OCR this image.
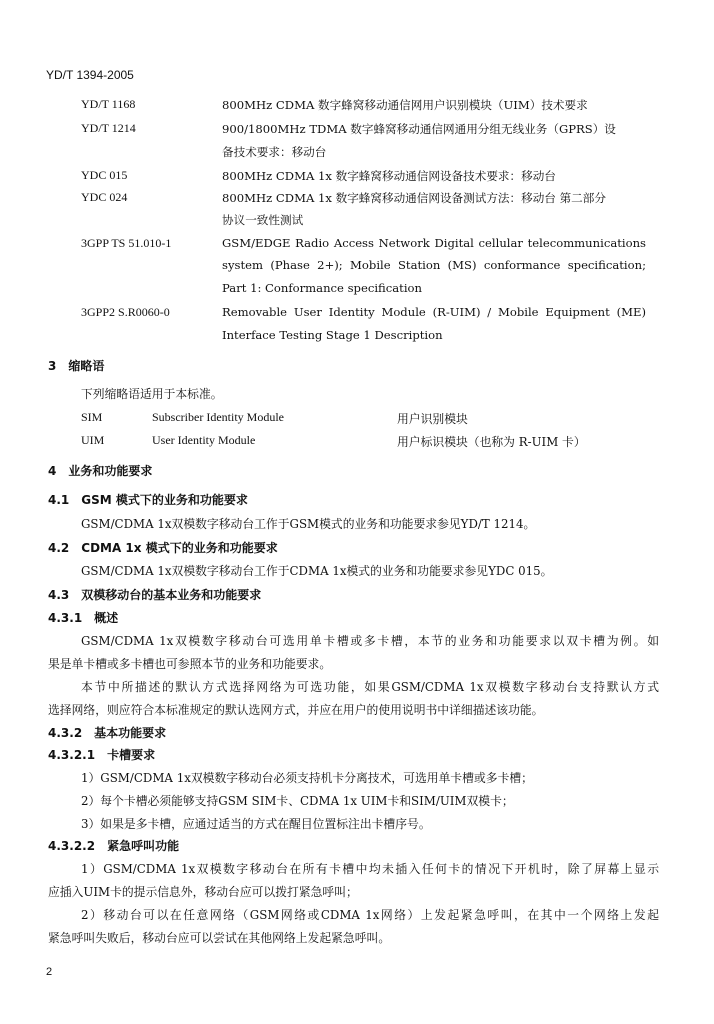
YD/T 1394-2005
YD/T 1168	800MHz CDMA 数字蜂窝移动通信网用户识别模块（UIM）技术要求
YD/T 1214	900/1800MHz TDMA 数字蜂窝移动通信网通用分组无线业务（GPRS）设
备技术要求：移动台
YDC 015	800MHz CDMA 1x 数字蜂窝移动通信网设备技术要求：移动台
YDC 024	800MHz CDMA 1x 数字蜂窝移动通信网设备测试方法：移动台 第二部分
协议一致性测试
3GPP TS 51.010-1	GSM/EDGE Radio Access Network Digital cellular telecommunications
system (Phase 2+); Mobile Station (MS) conformance specification;
Part 1: Conformance specification
3GPP2 S.R0060-0	Removable User Identity Module (R-UIM) / Mobile Equipment (ME)
Interface Testing Stage 1 Description
3　缩略语
下列缩略语适用于本标准。
SIM	Subscriber Identity Module	用户识别模块
UIM	User Identity Module	用户标识模块（也称为 R-UIM 卡）
4　业务和功能要求
4.1　GSM 模式下的业务和功能要求
GSM/CDMA 1x双模数字移动台工作于GSM模式的业务和功能要求参见YD/T 1214。
4.2　CDMA 1x 模式下的业务和功能要求
GSM/CDMA 1x双模数字移动台工作于CDMA 1x模式的业务和功能要求参见YDC 015。
4.3　双模移动台的基本业务和功能要求
4.3.1　概述
GSM/CDMA 1x双模数字移动台可选用单卡槽或多卡槽，本节的业务和功能要求以双卡槽为例。如
果是单卡槽或多卡槽也可参照本节的业务和功能要求。
本节中所描述的默认方式选择网络为可选功能，如果GSM/CDMA 1x双模数字移动台支持默认方式
选择网络，则应符合本标准规定的默认选网方式，并应在用户的使用说明书中详细描述该功能。
4.3.2　基本功能要求
4.3.2.1　卡槽要求
1）GSM/CDMA 1x双模数字移动台必须支持机卡分离技术，可选用单卡槽或多卡槽；
2）每个卡槽必须能够支持GSM SIM卡、CDMA 1x UIM卡和SIM/UIM双模卡；
3）如果是多卡槽，应通过适当的方式在醒目位置标注出卡槽序号。
4.3.2.2　紧急呼叫功能
1）GSM/CDMA 1x双模数字移动台在所有卡槽中均未插入任何卡的情况下开机时，除了屏幕上显示
应插入UIM卡的提示信息外，移动台应可以拨打紧急呼叫；
2）移动台可以在任意网络（GSM网络或CDMA 1x网络）上发起紧急呼叫，在其中一个网络上发起
紧急呼叫失败后，移动台应可以尝试在其他网络上发起紧急呼叫。
2
